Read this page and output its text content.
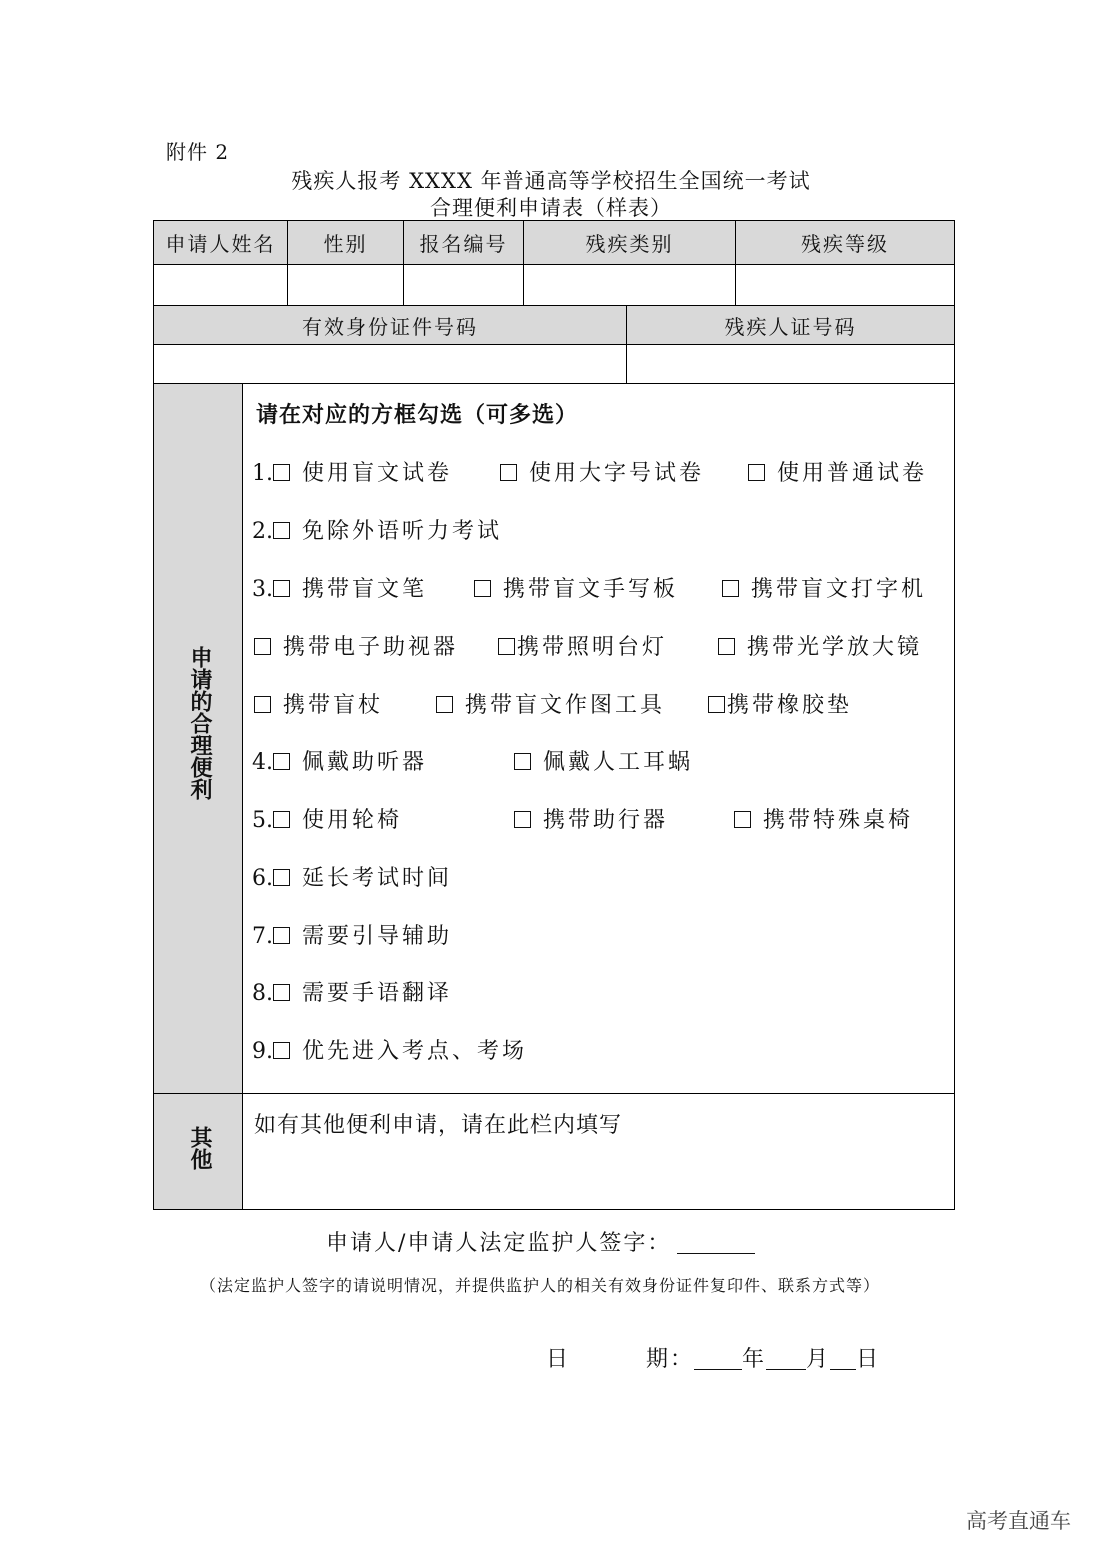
附件 2
残疾人报考 XXXX 年普通高等学校招生全国统一考试
合理便利申请表（样表）
申请人姓名	性别	报名编号	残疾类别	残疾等级
有效身份证件号码	残疾人证号码
申请的合理便利
请在对应的方框勾选（可多选）
1. 使用盲文试卷	使用大字号试卷	使用普通试卷
2. 免除外语听力考试
3. 携带盲文笔	携带盲文手写板	携带盲文打字机
携带电子助视器	携带照明台灯	携带光学放大镜
携带盲杖	携带盲文作图工具	携带橡胶垫
4. 佩戴助听器	佩戴人工耳蜗
5. 使用轮椅	携带助行器	携带特殊桌椅
6. 延长考试时间
7. 需要引导辅助
8. 需要手语翻译
9. 优先进入考点、考场
其他
如有其他便利申请，请在此栏内填写
申请人/申请人法定监护人签字：
（法定监护人签字的请说明情况，并提供监护人的相关有效身份证件复印件、联系方式等）
日	期： 年 月 日
高考直通车
